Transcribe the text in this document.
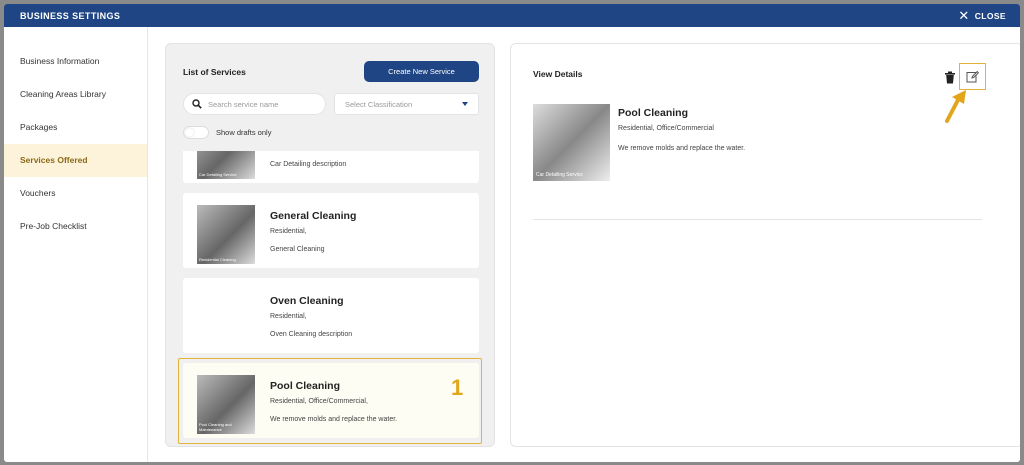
BUSINESS SETTINGS	✕ CLOSE
Business Information
Cleaning Areas Library
Packages
Services Offered
Vouchers
Pre-Job Checklist
List of Services	Create New Service
Search service name
Select Classification
Show drafts only
Car Detailing Service
Car Detailing description
Residential Cleaning
General Cleaning
Residential,
General Cleaning
Oven Cleaning
Residential,
Oven Cleaning description
Pool Cleaning and Maintenance
Pool Cleaning
Residential, Office/Commercial,
We remove molds and replace the water.
1
View Details
Car Detailing Service
Pool Cleaning
Residential, Office/Commercial
We remove molds and replace the water.
